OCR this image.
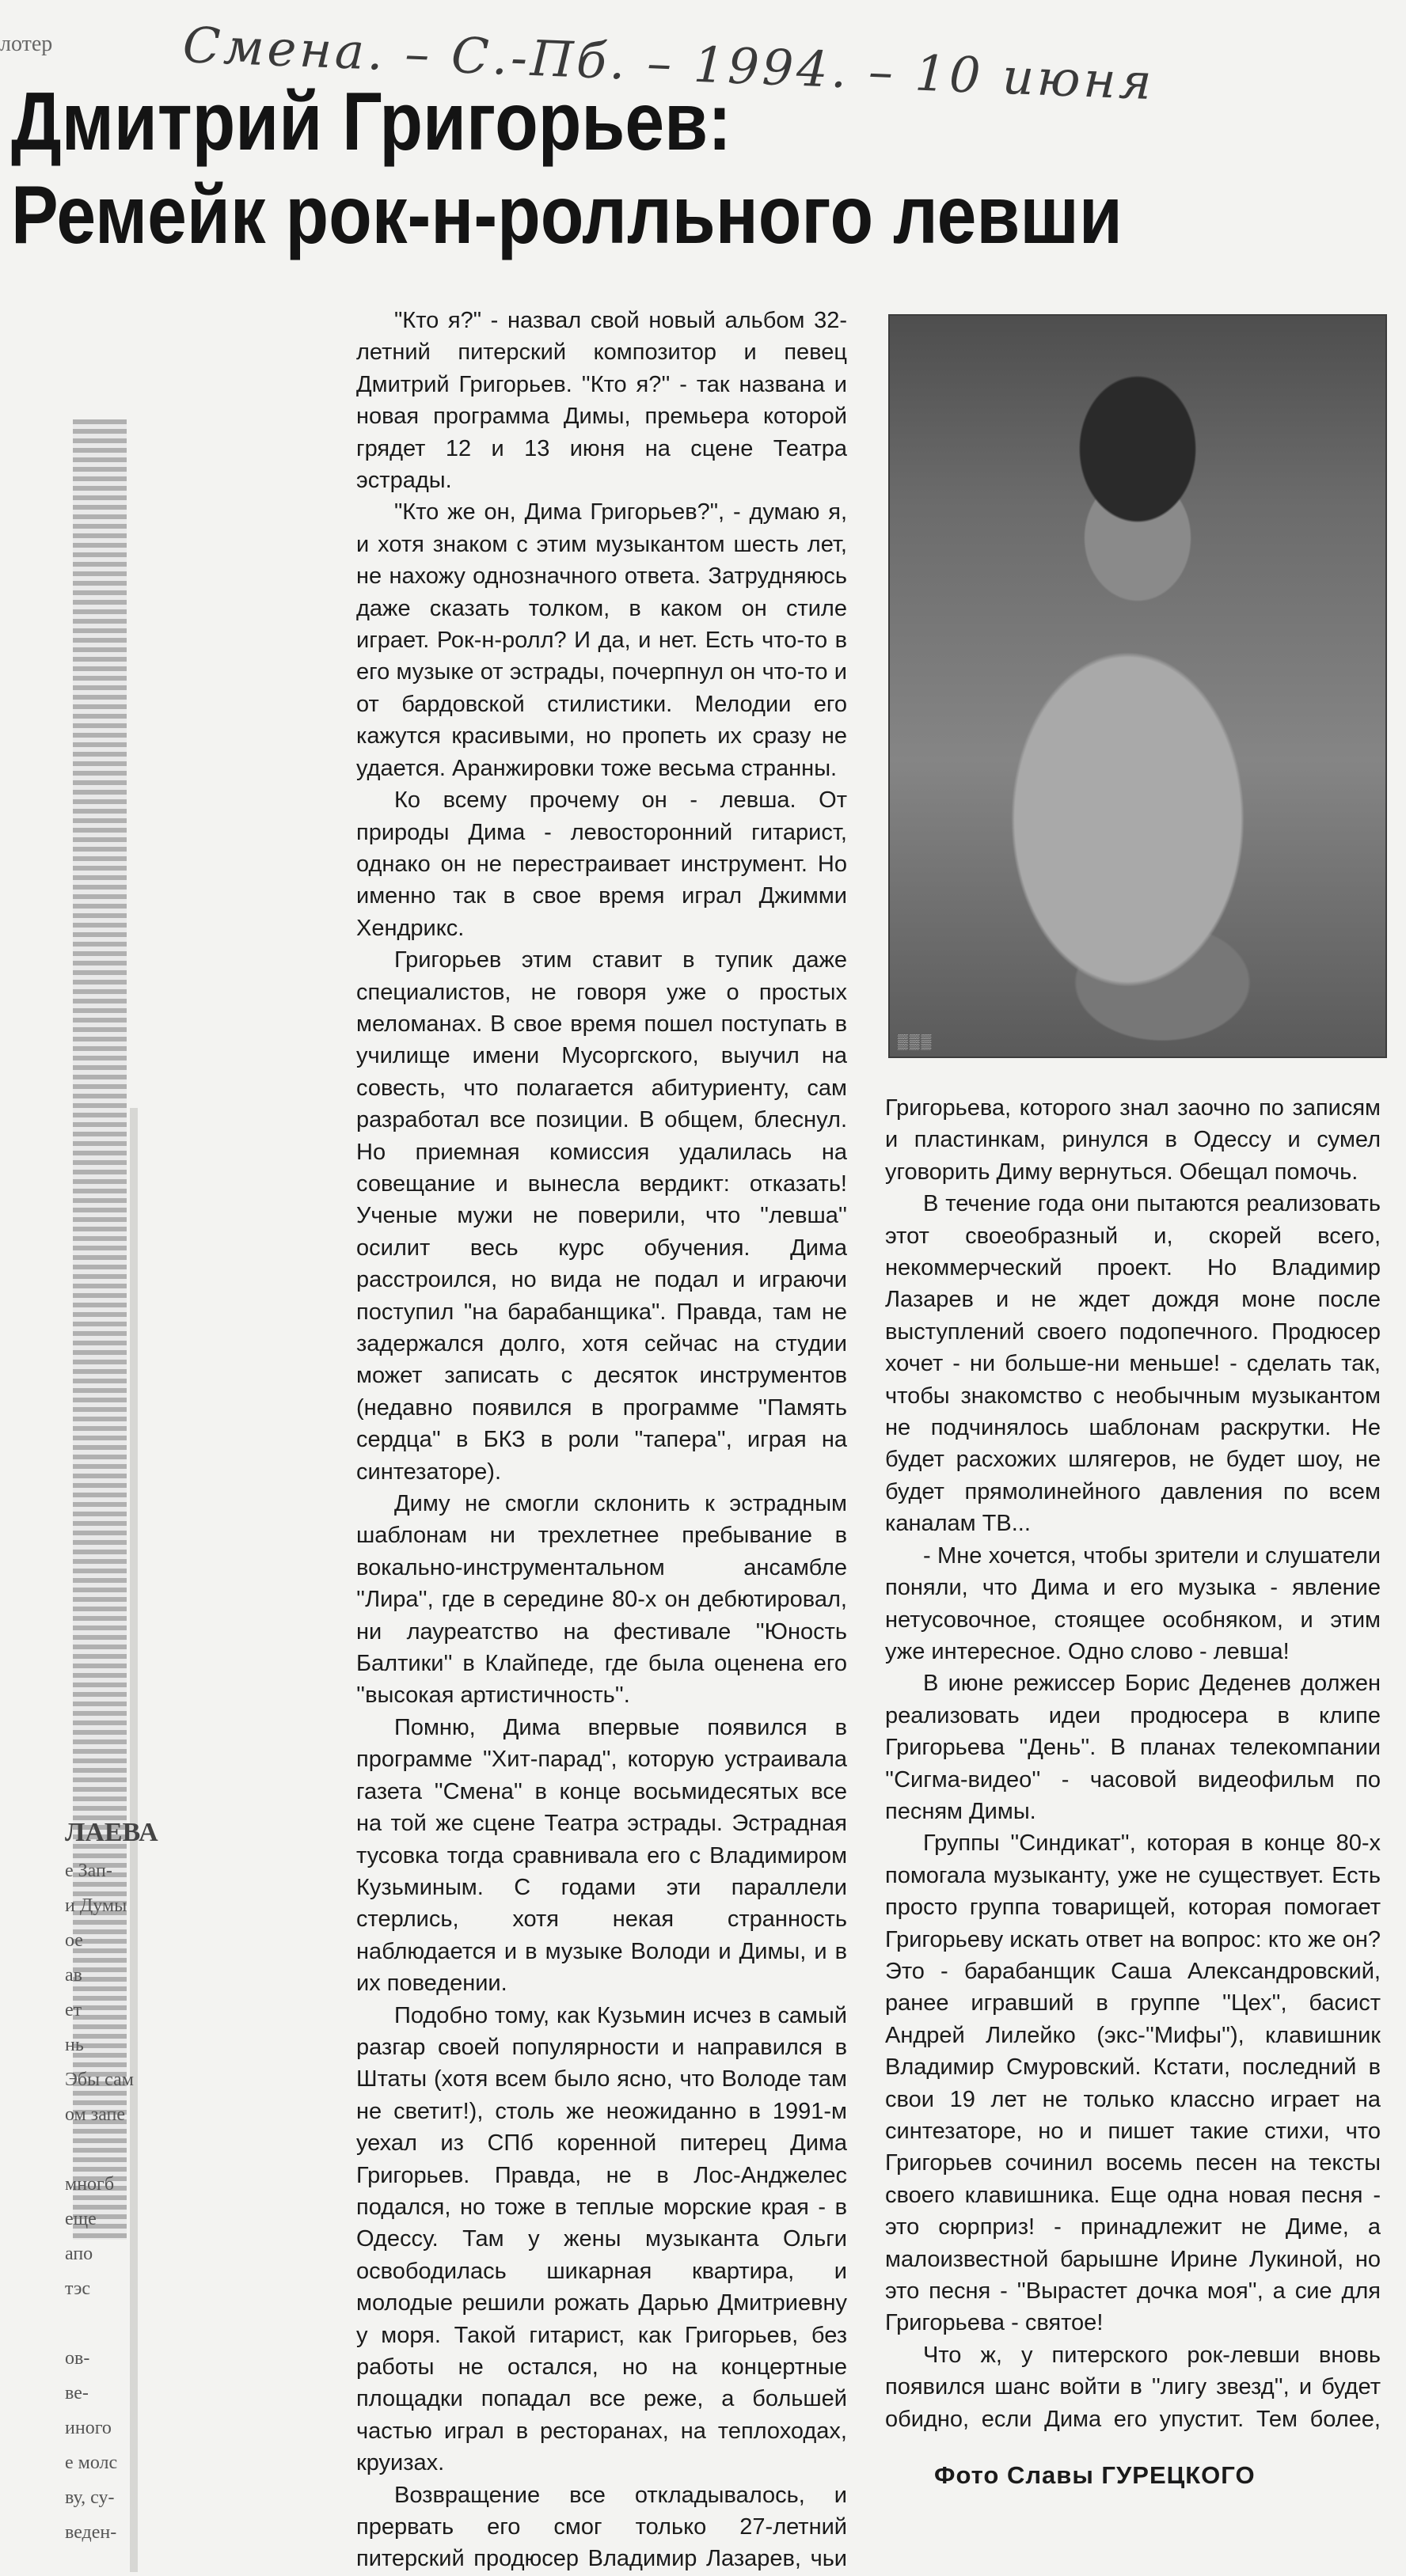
лотер	Смена. – С.-Пб. – 1994. – 10 июня
Дмитрий Григорьев:
Ремейк рок-н-ролльного левши
ЛАЕВА
е Зап-
и Думы
ое
ав
ет
нь
Эбы сам
ом запе

многб
еще
апо
тэс

ов-
ве-
иного
е молс
ву, су-
веден-

"Кто я?" - назвал свой новый альбом 32-летний питерский композитор и певец Дмитрий Григорьев. ''Кто я?'' - так названа и новая программа Димы, премьера которой грядет 12 и 13 июня на сцене Театра эстрады.

"Кто же он, Дима Григорьев?", - думаю я, и хотя знаком с этим музыкантом шесть лет, не нахожу однозначного ответа. Затрудняюсь даже сказать толком, в каком он стиле играет. Рок-н-ролл? И да, и нет. Есть что-то в его музыке от эстрады, почерпнул он что-то и от бардовской стилистики. Мелодии его кажутся красивыми, но пропеть их сразу не удается. Аранжировки тоже весьма странны.

Ко всему прочему он - левша. От природы Дима - левосторонний гитарист, однако он не перестраивает инструмент. Но именно так в свое время играл Джимми Хендрикс.

Григорьев этим ставит в тупик даже специалистов, не говоря уже о простых меломанах. В свое время пошел поступать в училище имени Мусоргского, выучил на совесть, что полагается абитуриенту, сам разработал все позиции. В общем, блеснул. Но приемная комиссия удалилась на совещание и вынесла вердикт: отказать! Ученые мужи не поверили, что ''левша'' осилит весь курс обучения. Дима расстроился, но вида не подал и играючи поступил "на барабанщика". Правда, там не задержался долго, хотя сейчас на студии может записать с десяток инструментов (недавно появился в программе ''Память сердца'' в БКЗ в роли ''тапера'', играя на синтезаторе).

Диму не смогли склонить к эстрадным шаблонам ни трехлетнее пребывание в вокально-инструментальном ансамбле ''Лира'', где в середине 80-х он дебютировал, ни лауреатство на фестивале ''Юность Балтики'' в Клайпеде, где была оценена его ''высокая артистичность''.

Помню, Дима впервые появился в программе ''Хит-парад'', которую устраивала газета ''Смена'' в конце восьмидесятых все на той же сцене Театра эстрады. Эстрадная тусовка тогда сравнивала его с Владимиром Кузьминым. С годами эти параллели стерлись, хотя некая странность наблюдается и в музыке Володи и Димы, и в их поведении.

Подобно тому, как Кузьмин исчез в самый разгар своей популярности и направился в Штаты (хотя всем было ясно, что Володе там не светит!), столь же неожиданно в 1991-м уехал из СПб коренной питерец Дима Григорьев. Правда, не в Лос-Анджелес подался, но тоже в теплые морские края - в Одессу. Там у жены музыканта Ольги освободилась шикарная квартира, и молодые решили рожать Дарью Дмитриевну у моря. Такой гитарист, как Григорьев, без работы не остался, но на концертные площадки попадал все реже, а большей частью играл в ресторанах, на теплоходах, круизах.

Возвращение все откладывалось, и прервать его смог только 27-летний питерский продюсер Владимир Лазарев, чьи

▒▒▒

Григорьева, которого знал заочно по записям и пластинкам, ринулся в Одессу и сумел уговорить Диму вернуться. Обещал помочь.

В течение года они пытаются реализовать этот своеобразный и, скорей всего, некоммерческий проект. Но Владимир Лазарев и не ждет дождя моне после выступлений своего подопечного. Продюсер хочет - ни больше-ни меньше! - сделать так, чтобы знакомство с необычным музыкантом не подчинялось шаблонам раскрутки. Не будет расхожих шлягеров, не будет шоу, не будет прямолинейного давления по всем каналам ТВ...

- Мне хочется, чтобы зрители и слушатели поняли, что Дима и его музыка - явление нетусовочное, стоящее особняком, и этим уже интересное. Одно слово - левша!

В июне режиссер Борис Деденев должен реализовать идеи продюсера в клипе Григорьева ''День''. В планах телекомпании ''Сигма-видео'' - часовой видеофильм по песням Димы.

Группы ''Синдикат'', которая в конце 80-х помогала музыканту, уже не существует. Есть просто группа товарищей, которая помогает Григорьеву искать ответ на вопрос: кто же он? Это - барабанщик Саша Александровский, ранее игравший в группе ''Цех'', басист Андрей Лилейко (экс-''Мифы''), клавишник Владимир Смуровский. Кстати, последний в свои 19 лет не только классно играет на синтезаторе, но и пишет такие стихи, что Григорьев сочинил восемь песен на тексты своего клавишника. Еще одна новая песня - это сюрприз! - принадлежит не Диме, а малоизвестной барышне Ирине Лукиной, но это песня - ''Вырастет дочка моя'', а сие для Григорьева - святое!

Что ж, у питерского рок-левши вновь появился шанс войти в ''лигу звезд'', и будет обидно, если Дима его упустит. Тем более,

Фото Славы ГУРЕЦКОГО
